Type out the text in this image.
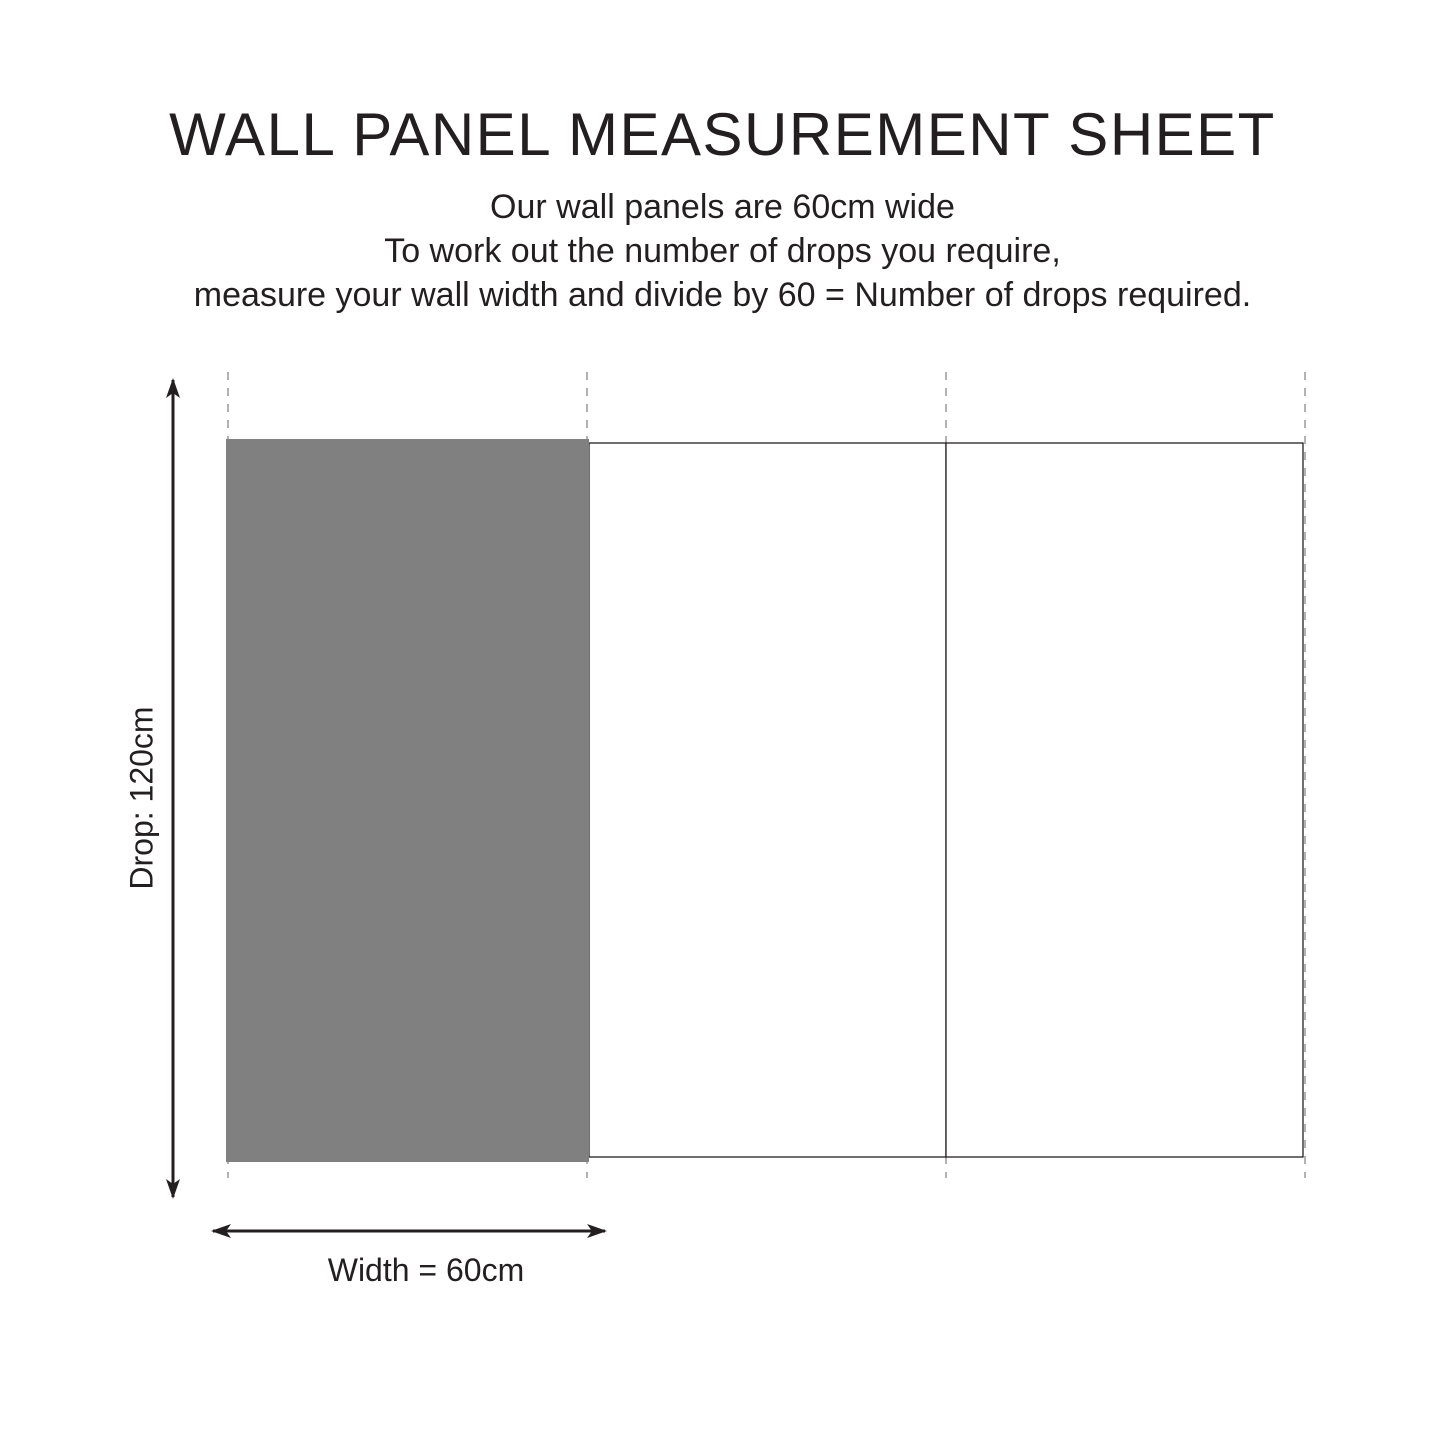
WALL PANEL MEASUREMENT SHEET

Our wall panels are 60cm wide

To work out the number of drops you require,

measure your wall width and divide by 60 = Number of drops required.

Drop: 120cm
Width = 60cm
